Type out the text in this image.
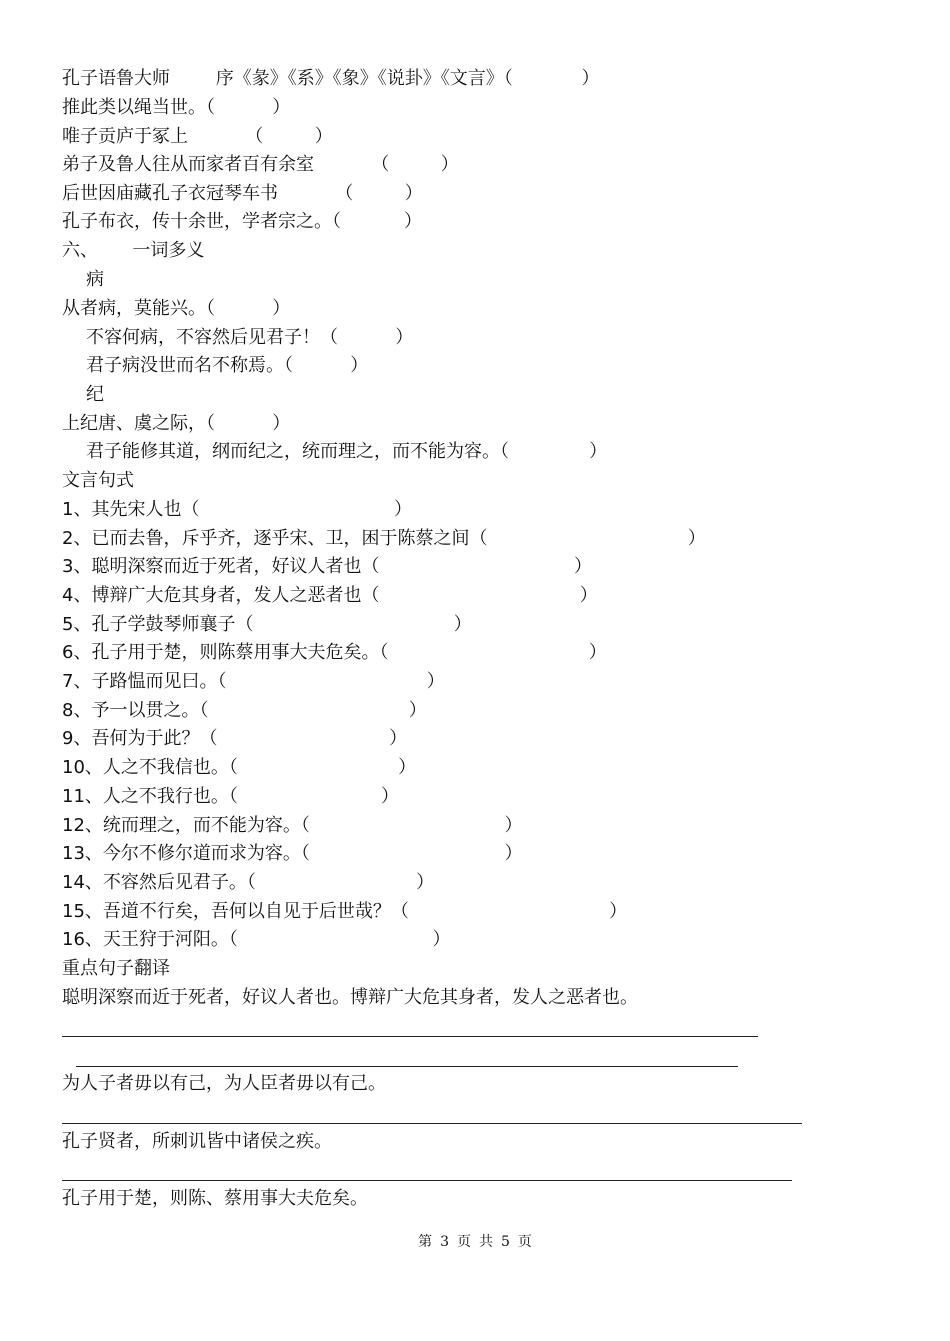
孔子语鲁大师	序《彖》《系》《象》《说卦》《文言》（	）
推此类以绳当世。（	）
唯子贡庐于冢上	（	）
弟子及鲁人往从而家者百有余室	（	）
后世因庙藏孔子衣冠琴车书	（	）
孔子布衣，传十余世，学者宗之。（	）
六、 一词多义
病
从者病，莫能兴。（	）
不容何病，不容然后见君子！（	）
君子病没世而名不称焉。（	）
纪
上纪唐、虞之际，（	）
君子能修其道，纲而纪之，统而理之，而不能为容。（	）
文言句式
1、其先宋人也（	）
2、已而去鲁，斥乎齐，逐乎宋、卫，困于陈蔡之间（	）
3、聪明深察而近于死者，好议人者也（	）
4、博辩广大危其身者，发人之恶者也（	）
5、孔子学鼓琴师襄子（	）
6、孔子用于楚，则陈蔡用事大夫危矣。（	）
7、子路愠而见曰。（	）
8、予一以贯之。（	）
9、吾何为于此？（	）
10、人之不我信也。（	）
11、人之不我行也。（	）
12、统而理之，而不能为容。（	）
13、今尔不修尔道而求为容。（	）
14、不容然后见君子。（	）
15、吾道不行矣，吾何以自见于后世哉？（	）
16、天王狩于河阳。（	）
重点句子翻译
聪明深察而近于死者，好议人者也。博辩广大危其身者，发人之恶者也。
为人子者毋以有己，为人臣者毋以有己。
孔子贤者，所刺讥皆中诸侯之疾。
孔子用于楚，则陈、蔡用事大夫危矣。
第 3 页 共 5 页
